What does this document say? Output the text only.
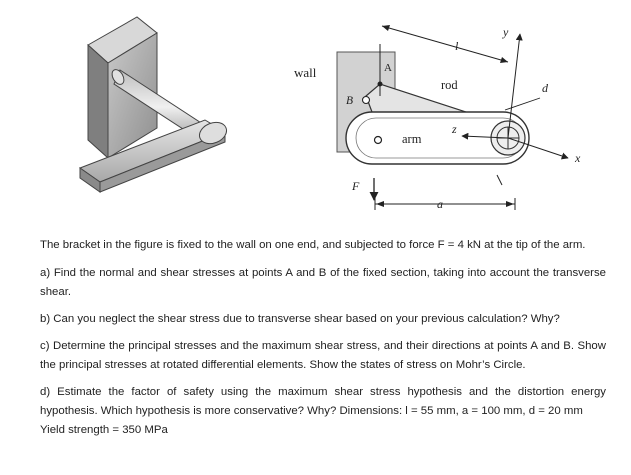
wall
rod
arm
A
B
F
a
l
y
x
z
d

The bracket in the figure is fixed to the wall on one end, and subjected to force F = 4 kN at the tip of the arm.

a) Find the normal and shear stresses at points A and B of the fixed section, taking into account the transverse shear.

b) Can you neglect the shear stress due to transverse shear based on your previous calculation? Why?

c) Determine the principal stresses and the maximum shear stress, and their directions at points A and B. Show the principal stresses at rotated differential elements. Show the states of stress on Mohr’s Circle.

d) Estimate the factor of safety using the maximum shear stress hypothesis and the distortion energy hypothesis. Which hypothesis is more conservative? Why? Dimensions: l = 55 mm, a = 100 mm, d = 20 mm
Yield strength = 350 MPa
